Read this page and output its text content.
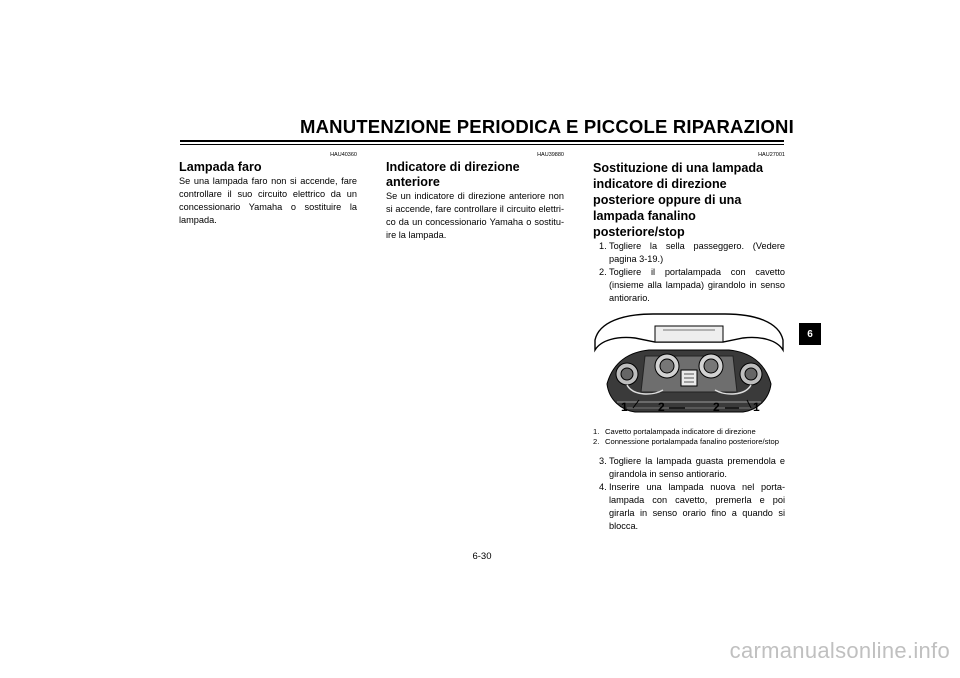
MANUTENZIONE PERIODICA E PICCOLE RIPARAZIONI
HAU40360
Lampada faro

Se una lampada faro non si accende, fare controllare il suo circuito elettrico da un concessionario Yamaha o sostituire la lampada.

HAU39880
Indicatore di direzione anteriore

Se un indicatore di direzione anteriore non si accende, fare controllare il circuito elettrico da un concessionario Yamaha o sostituire la lampada.

HAU27001
Sostituzione di una lampada indicatore di direzione posteriore oppure di una lampada fanalino posteriore/stop
1. Togliere la sella passeggero. (Vedere pagina 3-19.)
2. Togliere il portalampada con cavetto (insieme alla lampada) girandolo in senso antiorario.
1	2	2	1
1. Cavetto portalampada indicatore di direzione
2. Connessione portalampada fanalino posteriore/stop
3. Togliere la lampada guasta premendola e girandola in senso antiorario.
4. Inserire una lampada nuova nel portalampada con cavetto, premerla e poi girarla in senso orario fino a quando si blocca.
6
6-30
carmanualsonline.info
